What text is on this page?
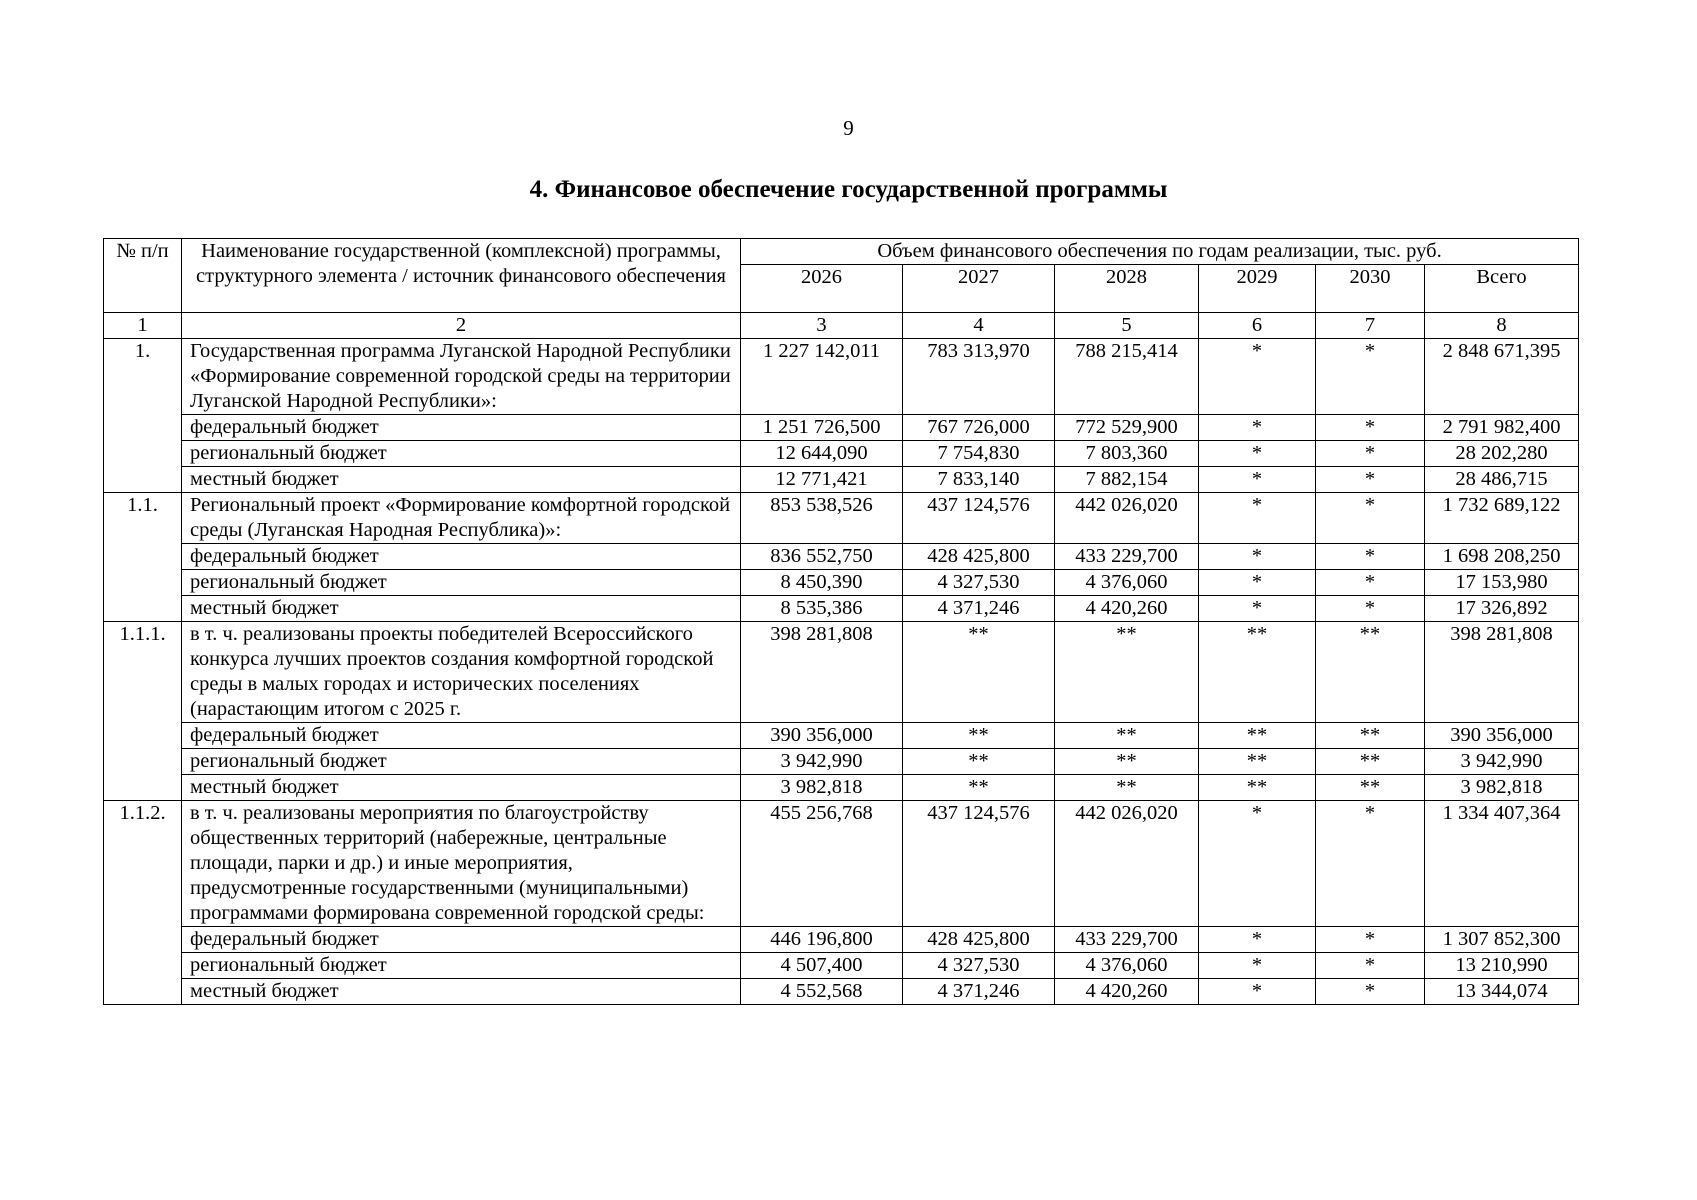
9
4. Финансовое обеспечение государственной программы
№ п/п	Наименование государственной (комплексной) программы, структурного элемента / источник финансового обеспечения	Объем финансового обеспечения по годам реализации, тыс. руб.					
		2026	2027	2028	2029	2030	Всего
1	2	3	4	5	6	7	8
1.	Государственная программа Луганской Народной Республики «Формирование современной городской среды на территории Луганской Народной Республики»:	1 227 142,011	783 313,970	788 215,414	*	*	2 848 671,395
	федеральный бюджет	1 251 726,500	767 726,000	772 529,900	*	*	2 791 982,400
	региональный бюджет	12 644,090	7 754,830	7 803,360	*	*	28 202,280
	местный бюджет	12 771,421	7 833,140	7 882,154	*	*	28 486,715
1.1.	Региональный проект «Формирование комфортной городской среды (Луганская Народная Республика)»:	853 538,526	437 124,576	442 026,020	*	*	1 732 689,122
	федеральный бюджет	836 552,750	428 425,800	433 229,700	*	*	1 698 208,250
	региональный бюджет	8 450,390	4 327,530	4 376,060	*	*	17 153,980
	местный бюджет	8 535,386	4 371,246	4 420,260	*	*	17 326,892
1.1.1.	в т. ч. реализованы проекты победителей Всероссийского конкурса лучших проектов создания комфортной городской среды в малых городах и исторических поселениях (нарастающим итогом с 2025 г.	398 281,808	**	**	**	**	398 281,808
	федеральный бюджет	390 356,000	**	**	**	**	390 356,000
	региональный бюджет	3 942,990	**	**	**	**	3 942,990
	местный бюджет	3 982,818	**	**	**	**	3 982,818
1.1.2.	в т. ч. реализованы мероприятия по благоустройству общественных территорий (набережные, центральные площади, парки и др.) и иные мероприятия, предусмотренные государственными (муниципальными) программами формирована современной городской среды:	455 256,768	437 124,576	442 026,020	*	*	1 334 407,364
	федеральный бюджет	446 196,800	428 425,800	433 229,700	*	*	1 307 852,300
	региональный бюджет	4 507,400	4 327,530	4 376,060	*	*	13 210,990
	местный бюджет	4 552,568	4 371,246	4 420,260	*	*	13 344,074
